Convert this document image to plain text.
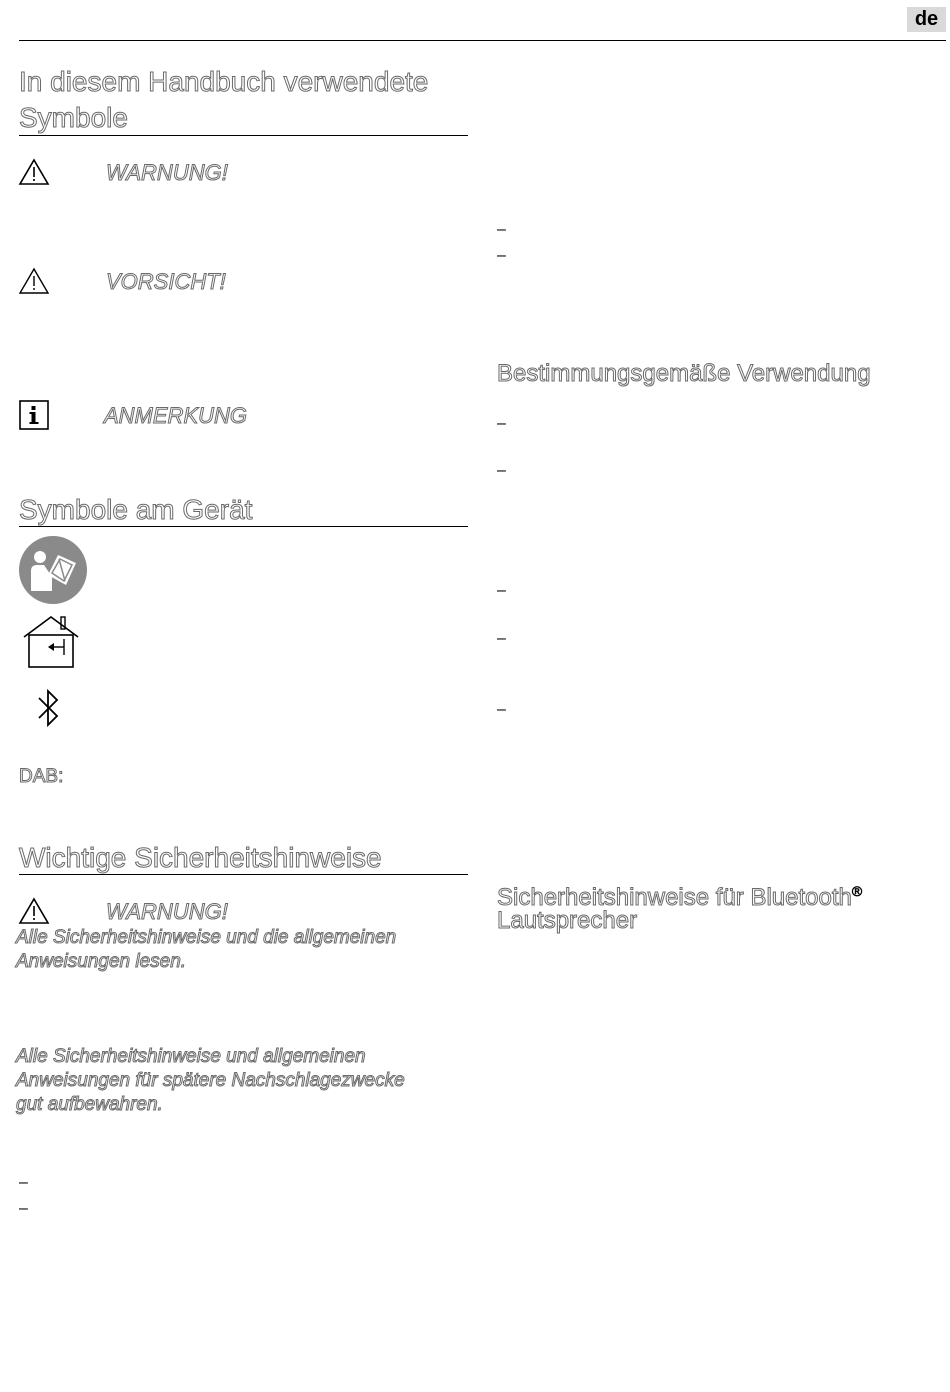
de
In diesem Handbuch verwendete
Symbole
WARNUNG!
VORSICHT!
ANMERKUNG
Symbole am Gerät
DAB:
Wichtige Sicherheitshinweise
WARNUNG!
Alle Sicherheitshinweise und die allgemeinen
Anweisungen lesen.
Alle Sicherheitshinweise und allgemeinen
Anweisungen für spätere Nachschlagezwecke
gut aufbewahren.
–
–
–
–
Bestimmungsgemäße Verwendung
–
–
–
–
–
Sicherheitshinweise für Bluetooth®
Lautsprecher
